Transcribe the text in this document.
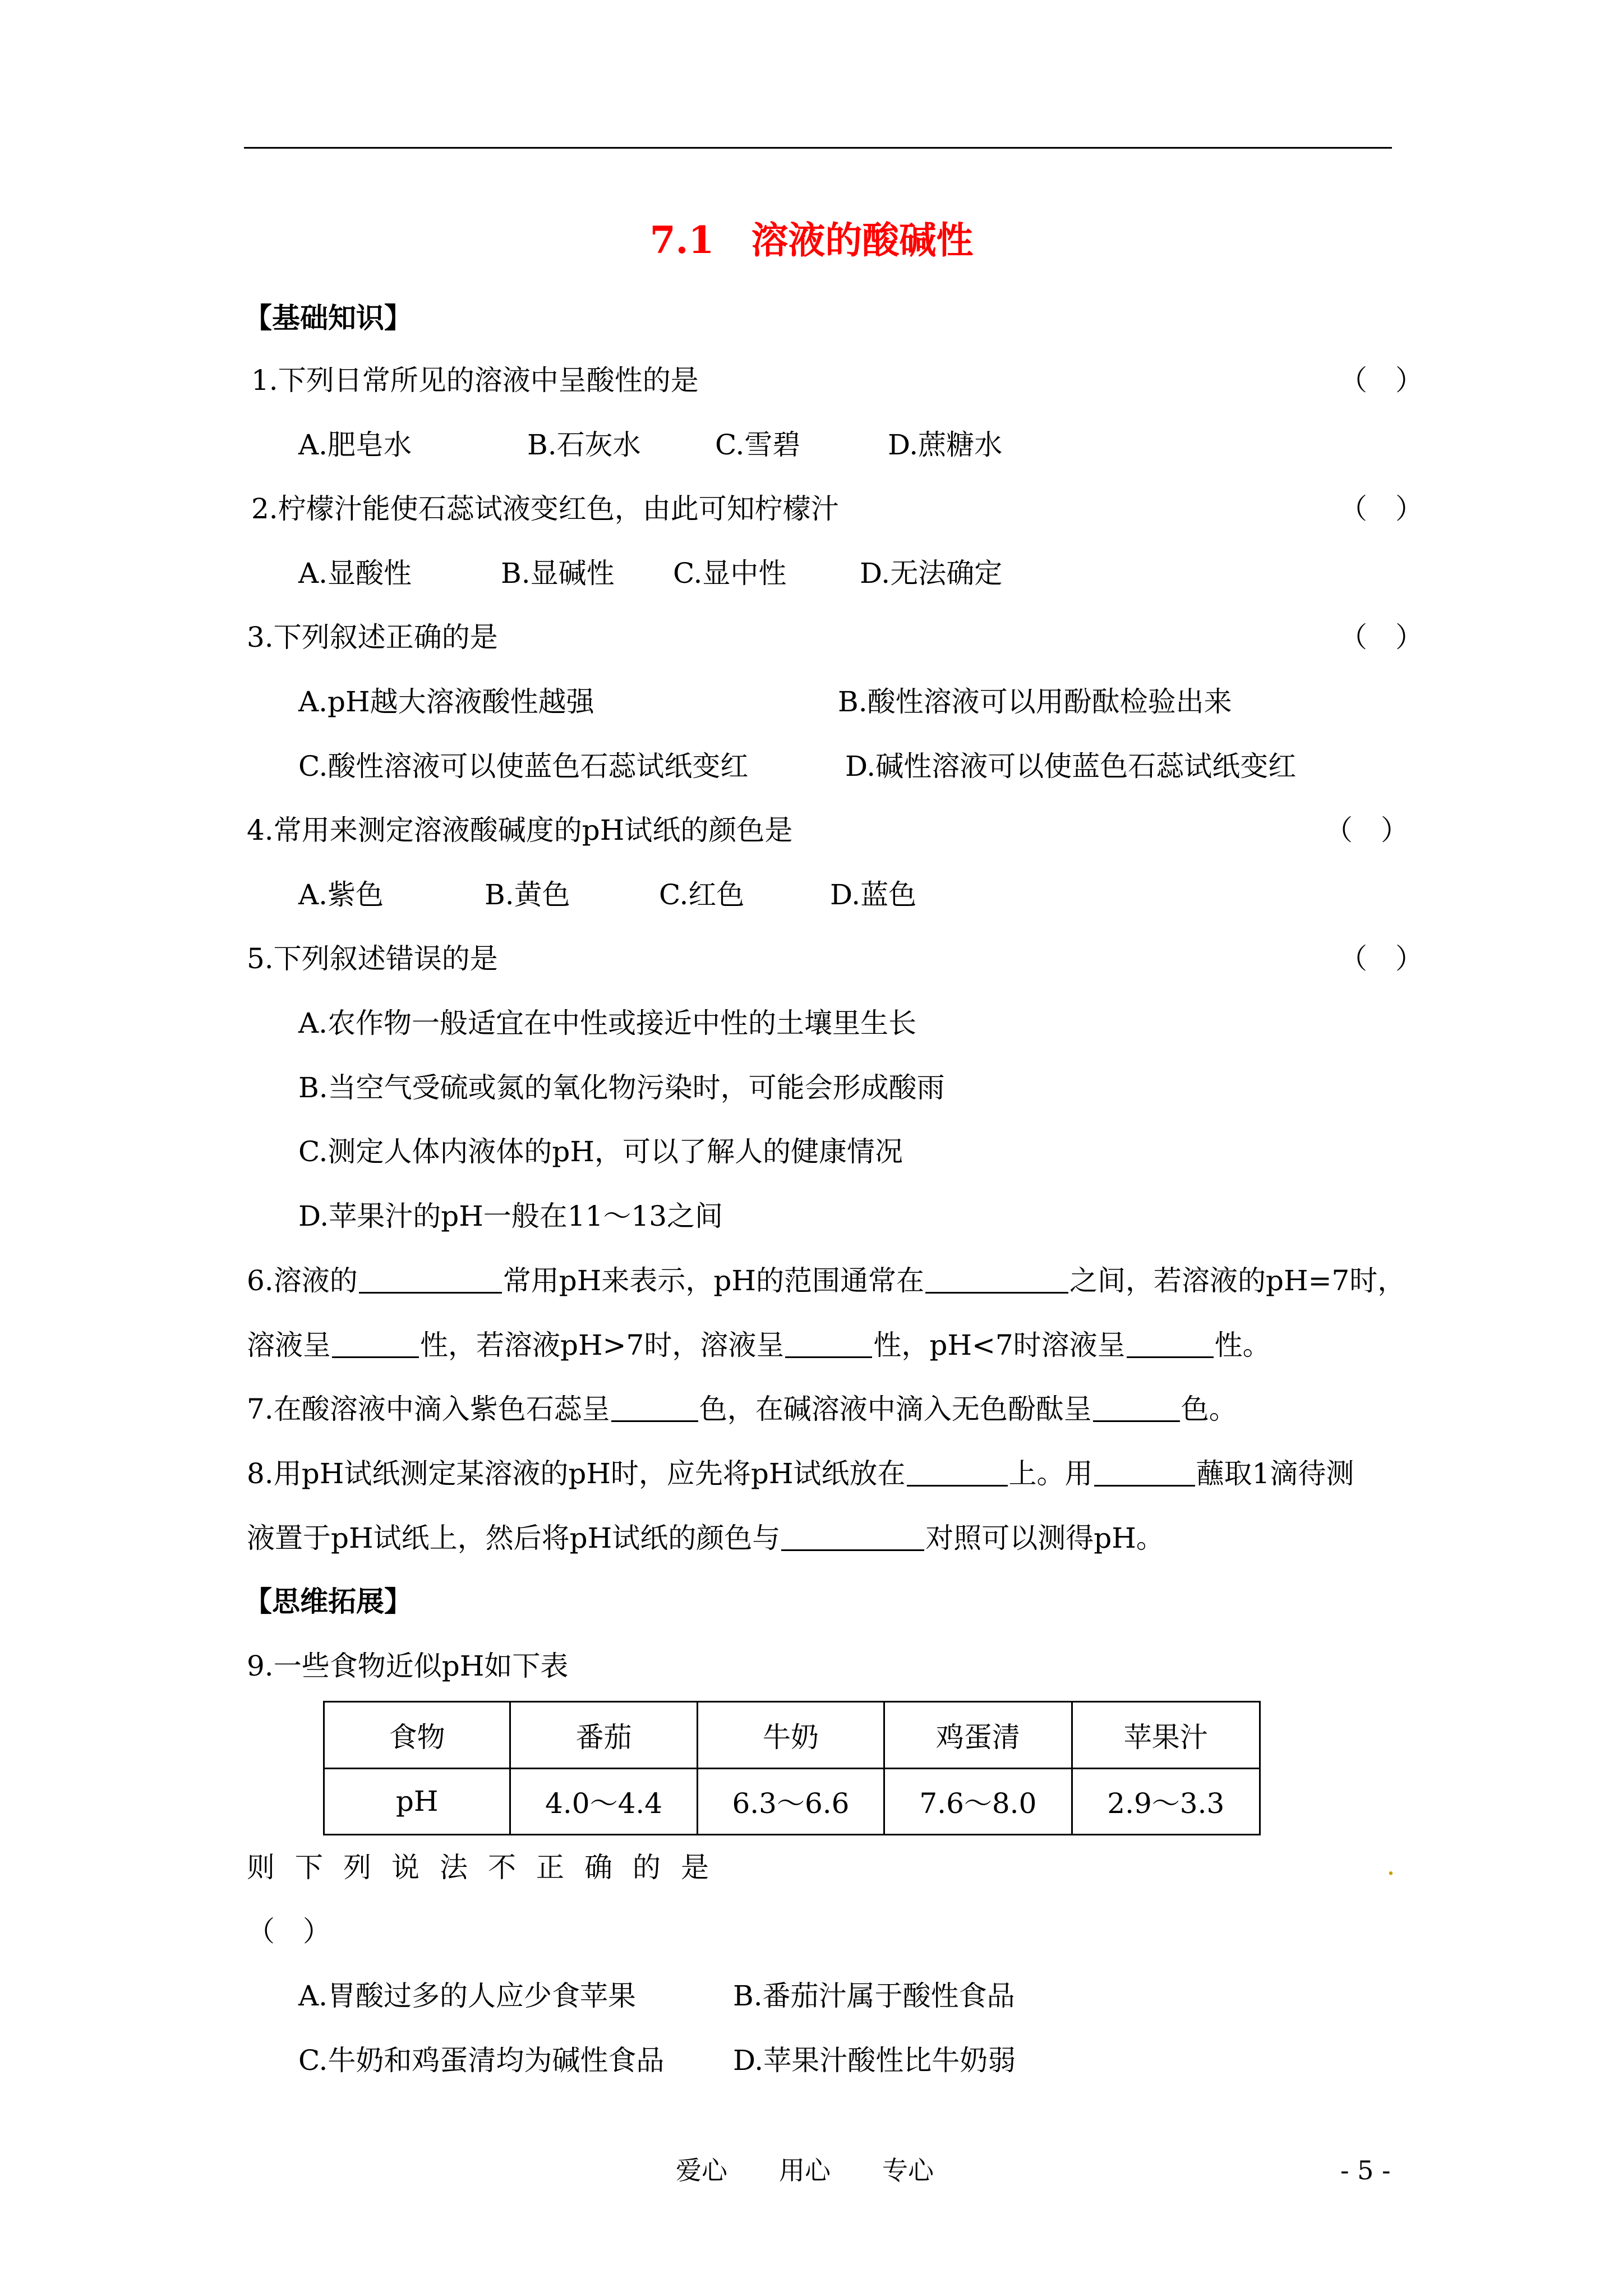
7.1　溶液的酸碱性
【基础知识】
1.下列日常所见的溶液中呈酸性的是	（　）
A.肥皂水	B.石灰水	C.雪碧	D.蔗糖水
2.柠檬汁能使石蕊试液变红色，由此可知柠檬汁	（　）
A.显酸性	B.显碱性 C.显中性	D.无法确定
3.下列叙述正确的是	（　）
A.pH越大溶液酸性越强	B.酸性溶液可以用酚酞检验出来
C.酸性溶液可以使蓝色石蕊试纸变红	D.碱性溶液可以使蓝色石蕊试纸变红
4.常用来测定溶液酸碱度的pH试纸的颜色是	（　）
A.紫色	B.黄色	C.红色	D.蓝色
5.下列叙述错误的是	（　）
A.农作物一般适宜在中性或接近中性的土壤里生长
B.当空气受硫或氮的氧化物污染时，可能会形成酸雨
C.测定人体内液体的pH，可以了解人的健康情况
D.苹果汁的pH一般在11～13之间
6.溶液的	常用pH来表示，pH的范围通常在	之间，若溶液的pH=7时，
溶液呈	性，若溶液pH>7时，溶液呈	性，pH<7时溶液呈	性。
7.在酸溶液中滴入紫色石蕊呈	色，在碱溶液中滴入无色酚酞呈	色。
8.用pH试纸测定某溶液的pH时，应先将pH试纸放在	上。用	蘸取1滴待测
液置于pH试纸上，然后将pH试纸的颜色与	对照可以测得pH。
【思维拓展】
9.一些食物近似pH如下表
食物	番茄	牛奶	鸡蛋清	苹果汁
pH	4.0～4.4	6.3～6.6	7.6～8.0	2.9～3.3
则下列说法不正确的是	.
（　）
A.胃酸过多的人应少食苹果	B.番茄汁属于酸性食品
C.牛奶和鸡蛋清均为碱性食品 D.苹果汁酸性比牛奶弱
爱心　　用心　　专心	- 5 -
